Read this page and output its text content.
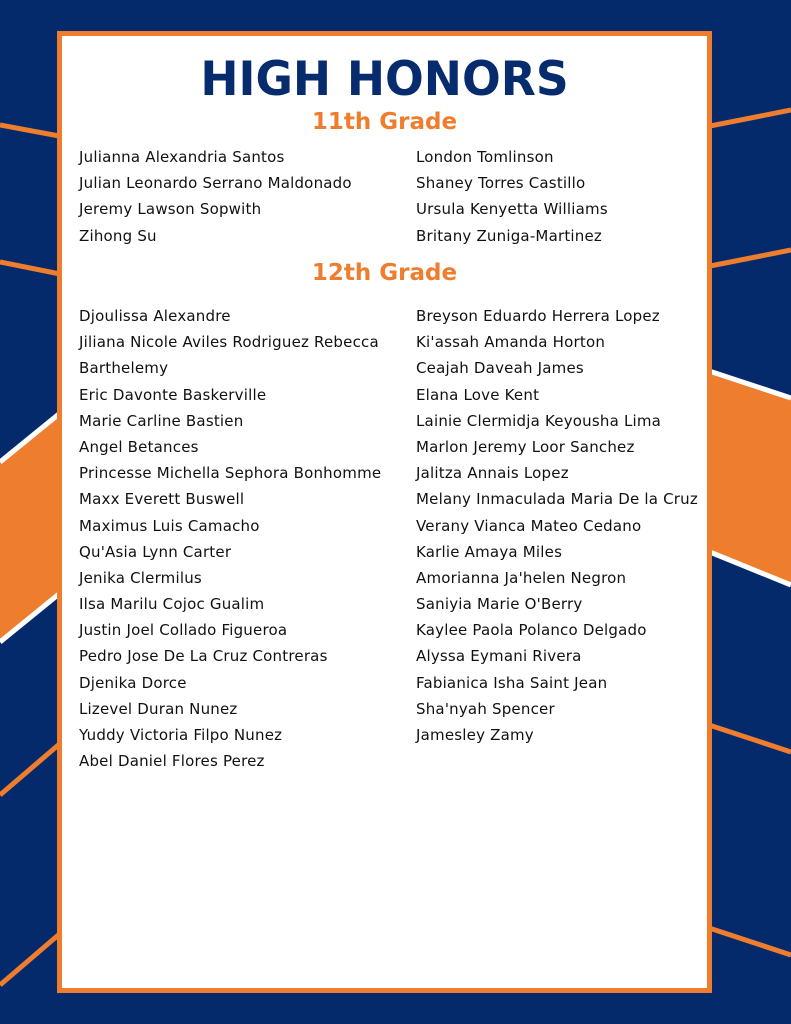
HIGH HONORS
11th Grade
Julianna Alexandria Santos
Julian Leonardo Serrano Maldonado
Jeremy Lawson Sopwith
Zihong Su
London Tomlinson
Shaney Torres Castillo
Ursula Kenyetta Williams
Britany Zuniga-Martinez
12th Grade
Djoulissa Alexandre
Jiliana Nicole Aviles Rodriguez Rebecca
Barthelemy
Eric Davonte Baskerville
Marie Carline Bastien
Angel Betances
Princesse Michella Sephora Bonhomme
Maxx Everett Buswell
Maximus Luis Camacho
Qu'Asia Lynn Carter
Jenika Clermilus
Ilsa Marilu Cojoc Gualim
Justin Joel Collado Figueroa
Pedro Jose De La Cruz Contreras
Djenika Dorce
Lizevel Duran Nunez
Yuddy Victoria Filpo Nunez
Abel Daniel Flores Perez
Breyson Eduardo Herrera Lopez
Ki'assah Amanda Horton
Ceajah Daveah James
Elana Love Kent
Lainie Clermidja Keyousha Lima
Marlon Jeremy Loor Sanchez
Jalitza Annais Lopez
Melany Inmaculada Maria De la Cruz
Verany Vianca Mateo Cedano
Karlie Amaya Miles
Amorianna Ja'helen Negron
Saniyia Marie O'Berry
Kaylee Paola Polanco Delgado
Alyssa Eymani Rivera
Fabianica Isha Saint Jean
Sha'nyah Spencer
Jamesley Zamy
